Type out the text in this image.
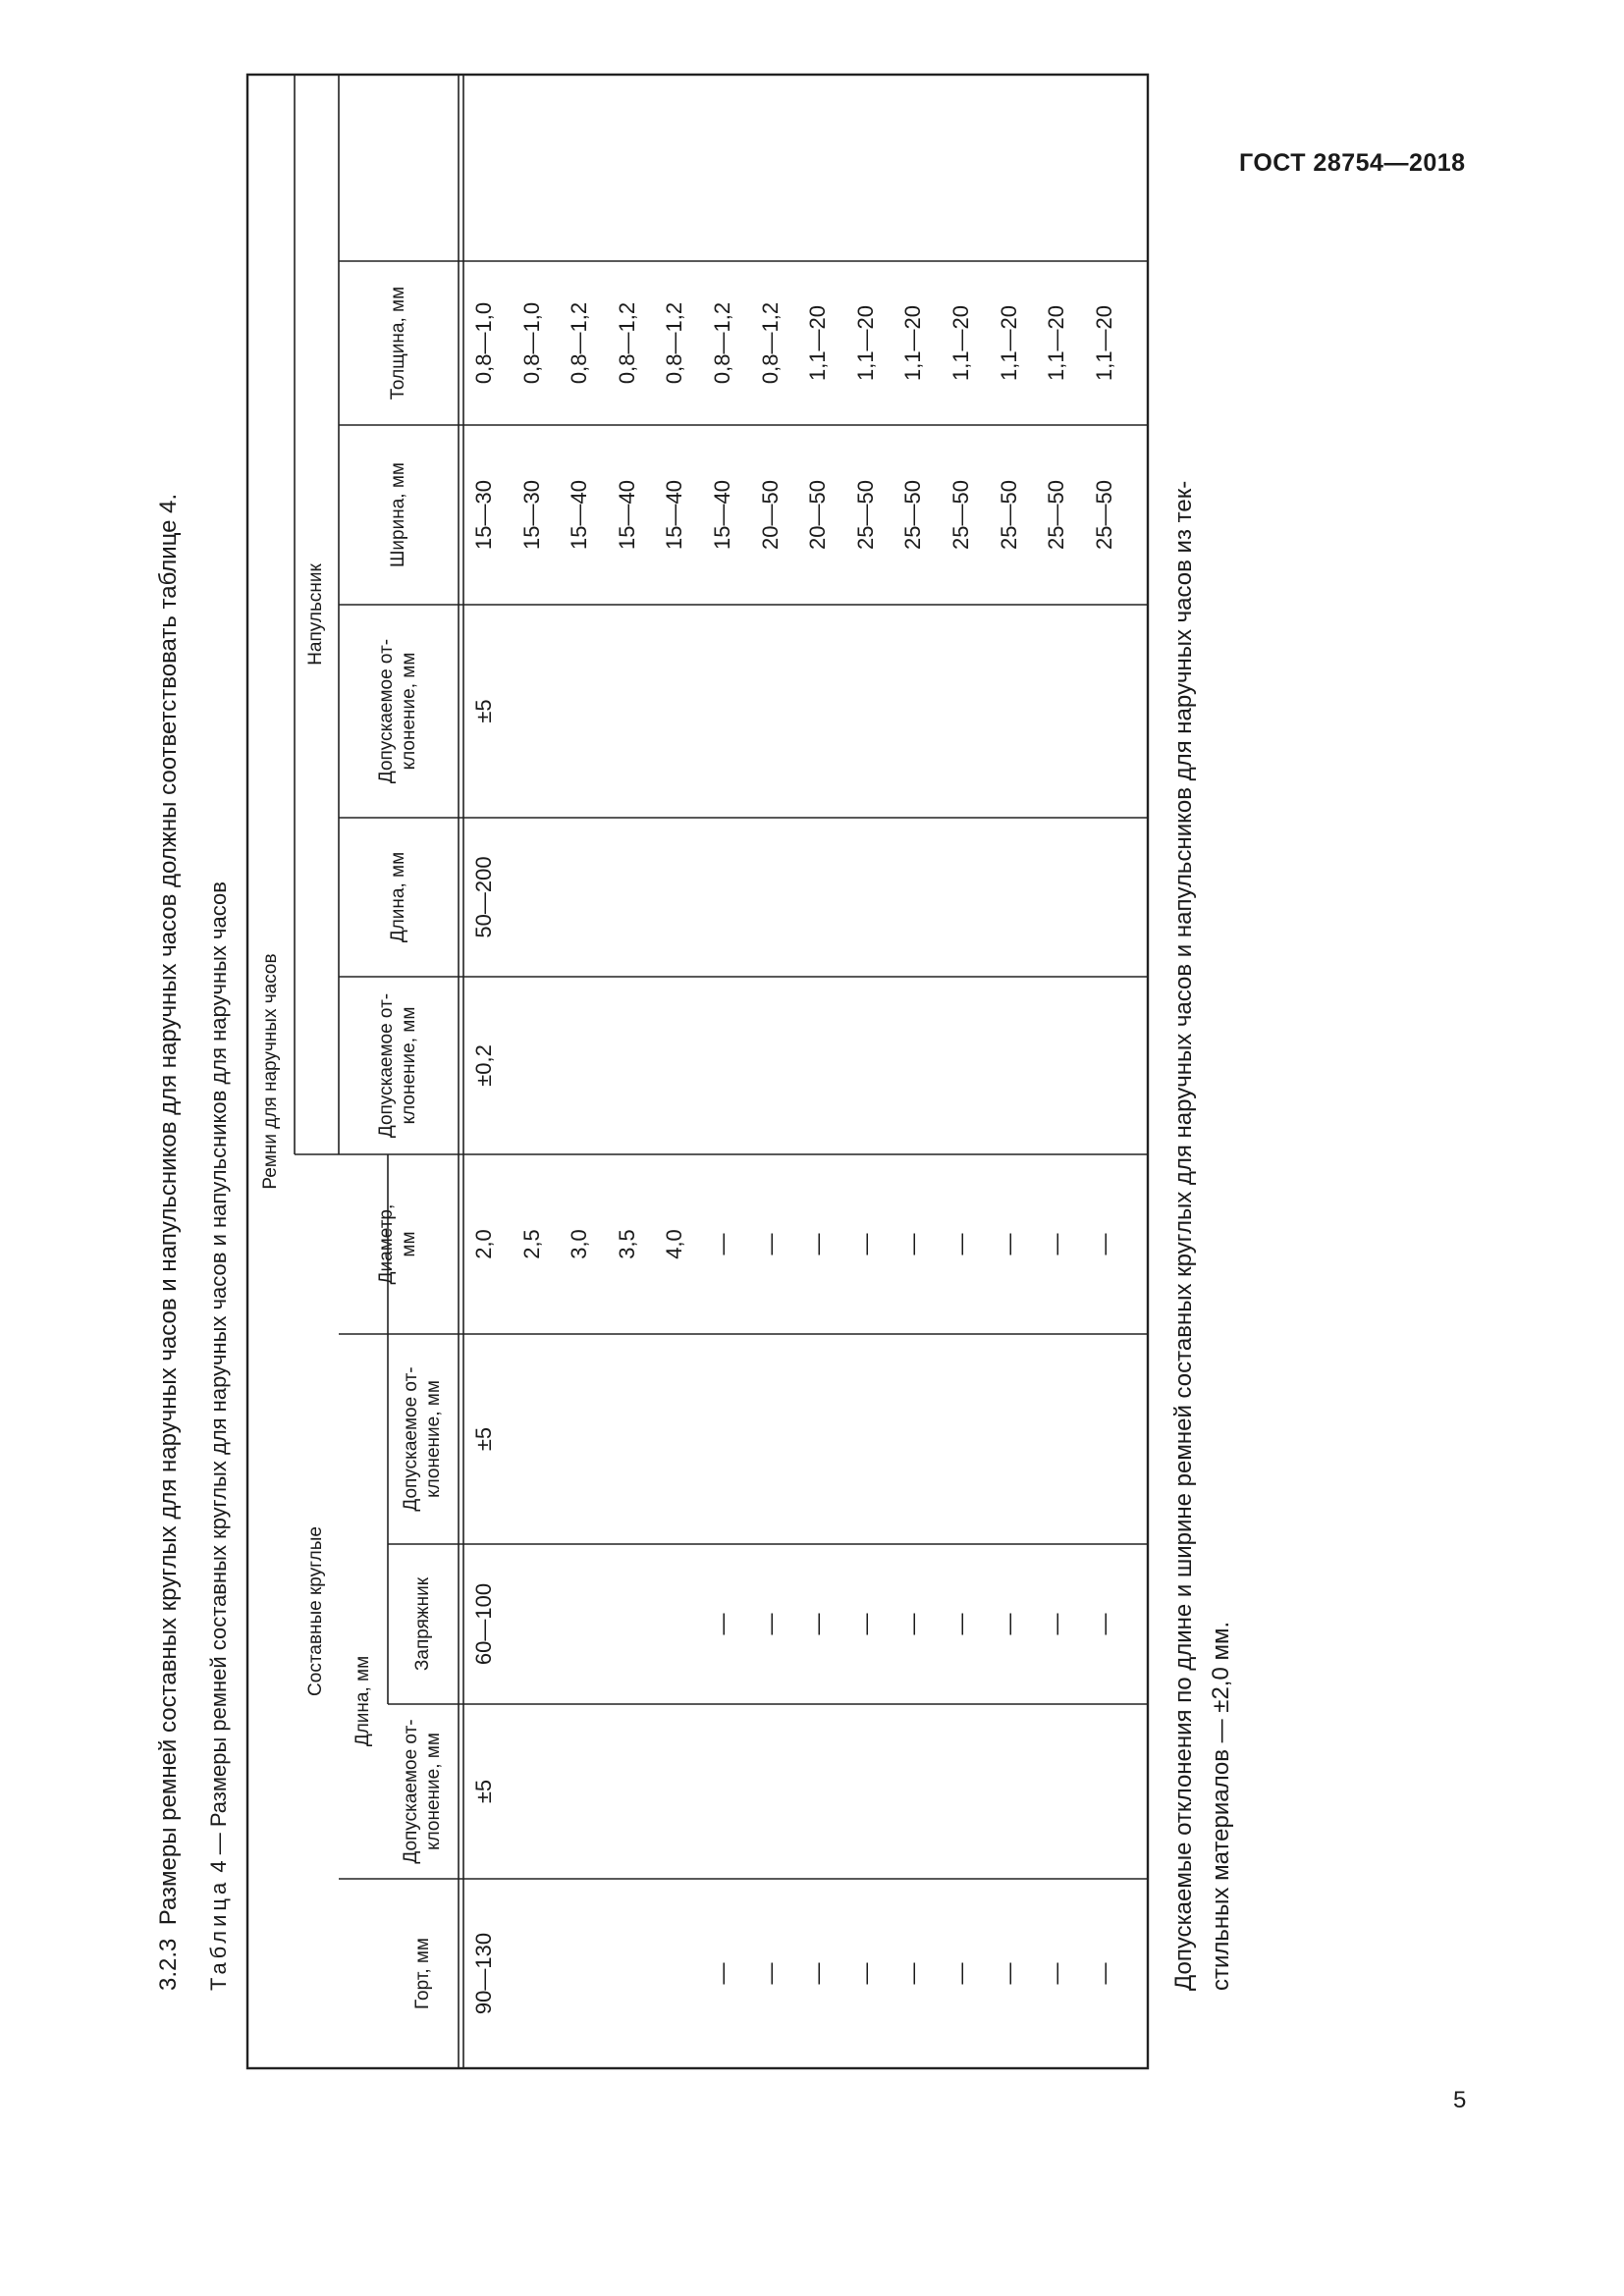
ГОСТ 28754—2018
5
3.2.3  Размеры ремней составных круглых для наручных часов и напульсников для наручных часов должны соответствовать таблице 4.
Таблица 4 — Размеры ремней составных круглых для наручных часов и напульсников для наручных часов	Ремни для наручных часов
Составные круглые
Напульсник
Длина, мм
Горт, мм
Допускаемое от-
клонение, мм
Запряжник
Допускаемое от-
клонение, мм
Диаметр,
мм
Допускаемое от-
клонение, мм
Длина, мм
Допускаемое от-
клонение, мм
Ширина, мм
Толщина, мм
90—130
±5
60—100
±5
2,0
±0,2
50—200
±5
15—30
0,8—1,0
2,5
15—30
0,8—1,0
3,0
15—40
0,8—1,2
3,5
15—40
0,8—1,2
4,0
15—40
0,8—1,2
—
—
—
15—40
0,8—1,2
—
—
—
20—50
0,8—1,2
—
—
—
20—50
1,1—20
—
—
—
25—50
1,1—20
—
—
—
25—50
1,1—20
—
—
—
25—50
1,1—20
—
—
—
25—50
1,1—20
—
—
—
25—50
1,1—20
—
—
—
25—50
1,1—20
Допускаемые отклонения по длине и ширине ремней составных круглых для наручных часов и напульсников для наручных часов из тек- стильных материалов — ±2,0 мм.
